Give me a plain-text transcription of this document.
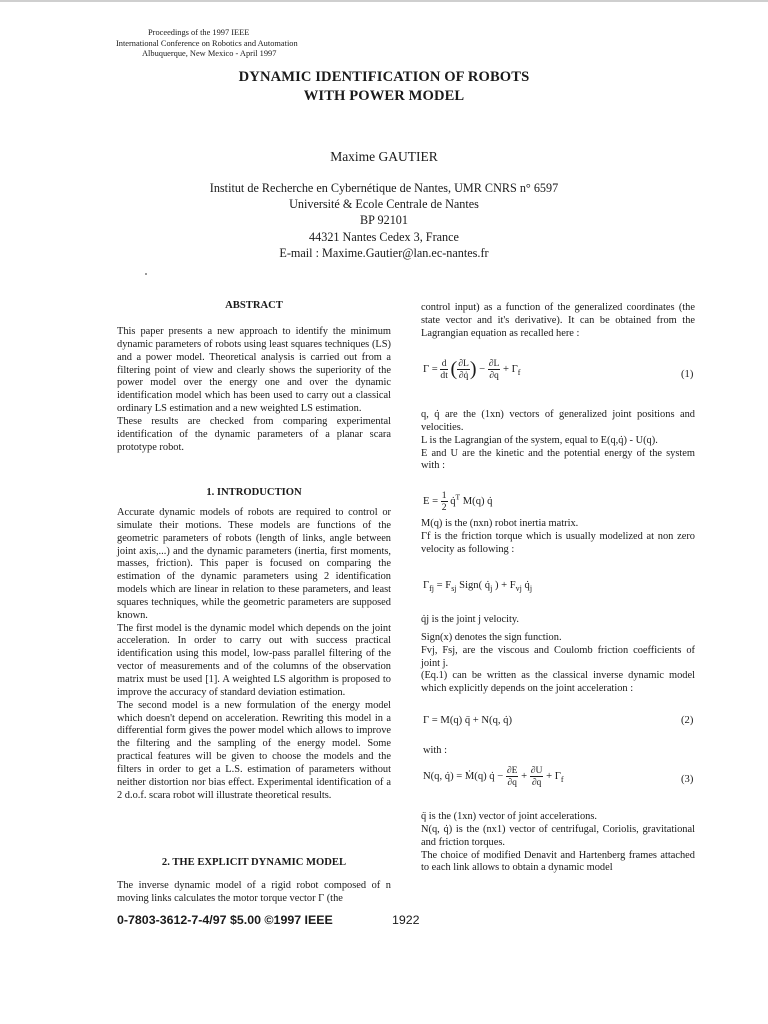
Proceedings of the 1997 IEEE
International Conference on Robotics and Automation
Albuquerque, New Mexico - April 1997
DYNAMIC IDENTIFICATION OF ROBOTS
WITH POWER MODEL
Maxime GAUTIER
Institut de Recherche en Cybernétique de Nantes, UMR CNRS n° 6597
Université & Ecole Centrale de Nantes
BP 92101
44321 Nantes Cedex 3, France
E-mail : Maxime.Gautier@lan.ec-nantes.fr
ABSTRACT

This paper presents a new approach to identify the minimum dynamic parameters of robots using least squares techniques (LS) and a power model. Theoretical analysis is carried out from a filtering point of view and clearly shows the superiority of the power model over the energy one and over the dynamic identification model which has been used to carry out a classical ordinary LS estimation and a new weighted LS estimation.

These results are checked from comparing experimental identification of the dynamic parameters of a planar scara prototype robot.

1. INTRODUCTION

Accurate dynamic models of robots are required to control or simulate their motions. These models are functions of the geometric parameters of robots (length of links, angle between joint axis,...) and the dynamic parameters (inertia, first moments, masses, friction). This paper is focused on comparing the estimation of the dynamic parameters using 2 identification models which are linear in relation to these parameters, and least squares techniques, while the geometric parameters are supposed known.

The first model is the dynamic model which depends on the joint acceleration. In order to carry out with success practical identification using this model, low-pass parallel filtering of the vector of measurements and of the columns of the observation matrix must be used [1]. A weighted LS algorithm is proposed to improve the accuracy of standard deviation estimation.

The second model is a new formulation of the energy model which doesn't depend on acceleration. Rewriting this model in a differential form gives the power model which allows to improve the filtering and the sampling of the energy model. Some practical features will be given to choose the models and the filters in order to get a L.S. estimation of parameters without neither distortion nor bias effect. Experimental identification of a 2 d.o.f. scara robot will illustrate theoretical results.

2. THE EXPLICIT DYNAMIC MODEL

The inverse dynamic model of a rigid robot composed of n moving links calculates the motor torque vector Γ (the

control input) as a function of the generalized coordinates (the state vector and it's derivative). It can be obtained from the Lagrangian equation as recalled here :

$\Gamma = \frac{d}{dt}$ ( $\frac{\partial L}{\partial q̇}$ ) − $\frac{\partial L}{\partial q} + \Gamma_f$	(1)

q, q̇ are the (1xn) vectors of generalized joint positions and velocities.

L is the Lagrangian of the system, equal to E(q,q̇) - U(q).

E and U are the kinetic and the potential energy of the system with :

$E = \frac{1}{2}$ q̇$^T$ M(q) q̇

M(q) is the (nxn) robot inertia matrix.

Γf is the friction torque which is usually modelized at non zero velocity as following :

$\Gamma_{fj} = F_{sj}$ Sign( $q̇_j$ ) + $F_{vj}$ $q̇_j$

q̇j is the joint j velocity.

Sign(x) denotes the sign function.

Fvj, Fsj, are the viscous and Coulomb friction coefficients of joint j.

(Eq.1) can be written as the classical inverse dynamic model which explicitly depends on the joint acceleration :

Γ = M(q) q̈ + N(q, q̇)	(2)
with :
N(q, q̇) = Ṁ(q) q̇ − $\frac{\partial E}{\partial q} + \frac{\partial U}{\partial q} + \Gamma_f$	(3)

q̈ is the (1xn) vector of joint accelerations.

N(q, q̇) is the (nx1) vector of centrifugal, Coriolis, gravitational and friction torques.

The choice of modified Denavit and Hartenberg frames attached to each link allows to obtain a dynamic model

0-7803-3612-7-4/97 $5.00 ©1997 IEEE	1922
